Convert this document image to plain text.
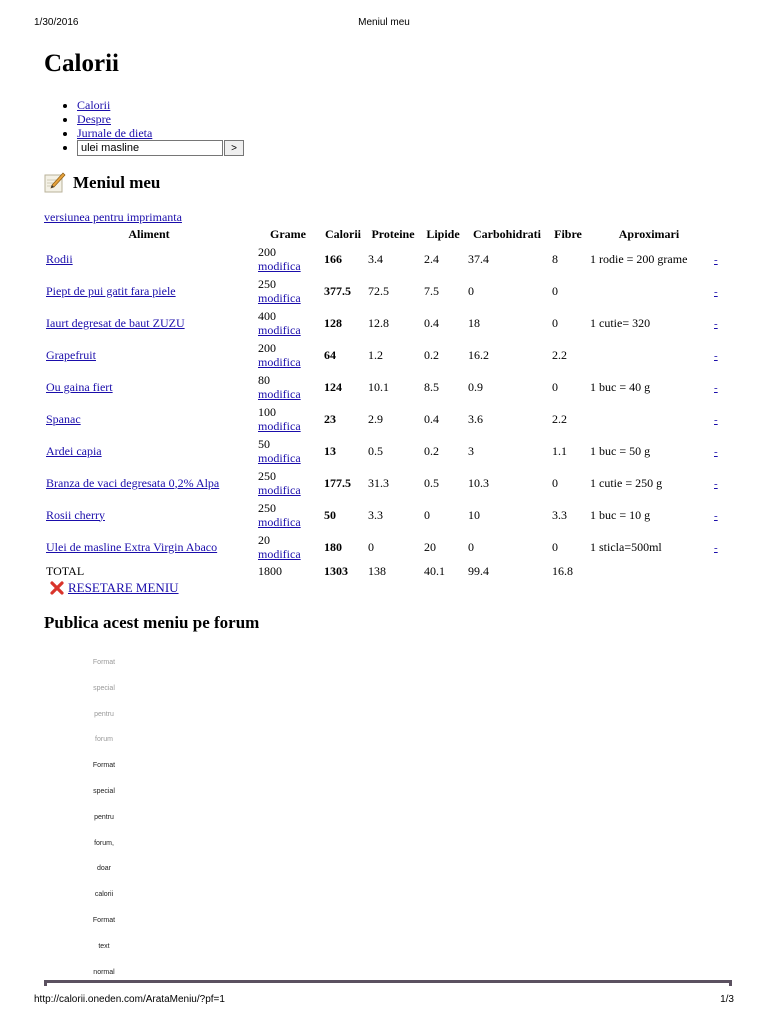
1/30/2016	Meniul meu
Calorii
• Calorii
• Despre
• Jurnale de dieta
ulei masline
• >
Meniul meu
versiunea pentru imprimanta
Aliment	Grame	Calorii	Proteine	Lipide	Carbohidrati	Fibre	Aproximari	
Rodii	200
modifica	166	3.4	2.4	37.4	8	1 rodie = 200 grame	-
Piept de pui gatit fara piele	250
modifica	377.5	72.5	7.5	0	0		-
Iaurt degresat de baut ZUZU	400
modifica	128	12.8	0.4	18	0	1 cutie= 320	-
Grapefruit	200
modifica	64	1.2	0.2	16.2	2.2		-
Ou gaina fiert	80
modifica	124	10.1	8.5	0.9	0	1 buc = 40 g	-
Spanac	100
modifica	23	2.9	0.4	3.6	2.2		-
Ardei capia	50
modifica	13	0.5	0.2	3	1.1	1 buc = 50 g	-
Branza de vaci degresata 0,2% Alpa	250
modifica	177.5	31.3	0.5	10.3	0	1 cutie = 250 g	-
Rosii cherry	250
modifica	50	3.3	0	10	3.3	1 buc = 10 g	-
Ulei de masline Extra Virgin Abaco	20
modifica	180	0	20	0	0	1 sticla=500ml	-
TOTAL	1800	1303	138	40.1	99.4	16.8		
RESETARE MENIU
Publica acest meniu pe forum
Format
special
pentru
forum
Format
special
pentru
forum,
doar
calorii
Format
text
normal
http://calorii.oneden.com/ArataMeniu/?pf=1	1/3
